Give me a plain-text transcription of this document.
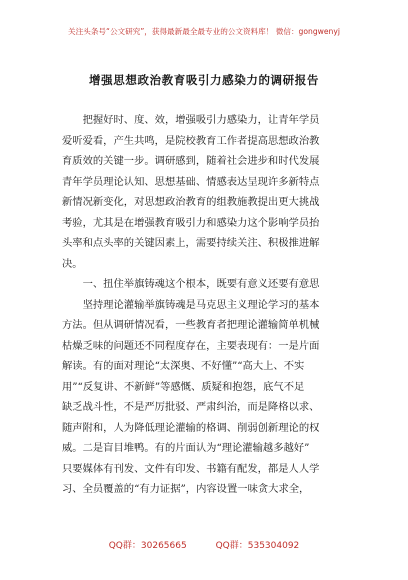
关注头条号“公文研究”，获得最新最全最专业的公文资料库！ 微信：gongwenyj
增强思想政治教育吸引力感染力的调研报告
　　把握好时、度、效，增强吸引力感染力，让青年学员
爱听爱看，产生共鸣，是院校教育工作者提高思想政治教
育质效的关键一步。调研感到，随着社会进步和时代发展
青年学员理论认知、思想基础、情感表达呈现许多新特点
新情况新变化，对思想政治教育的组教施教提出更大挑战
考验，尤其是在增强教育吸引力和感染力这个影响学员抬
头率和点头率的关键因素上，需要持续关注、积极推进解
决。
　　一、扭住举旗铸魂这个根本，既要有意义还要有意思
　　坚持理论灌输举旗铸魂是马克思主义理论学习的基本
方法。但从调研情况看，一些教育者把理论灌输简单机械
枯燥乏味的问题还不同程度存在，主要表现有：一是片面
解读。有的面对理论“太深奥、不好懂”“高大上、不实
用”“反复讲、不新鲜”等感慨、质疑和抱怨，底气不足
缺乏战斗性，不是严厉批驳、严肃纠治，而是降格以求、
随声附和，人为降低理论灌输的格调、削弱创新理论的权
威。二是盲目堆鸭。有的片面认为“理论灌输越多越好”
只要媒体有刊发、文件有印发、书籍有配发，都是人人学
习、全员覆盖的“有力证据”，内容设置一味贪大求全，
QQ群：30265665	QQ群：535304092
